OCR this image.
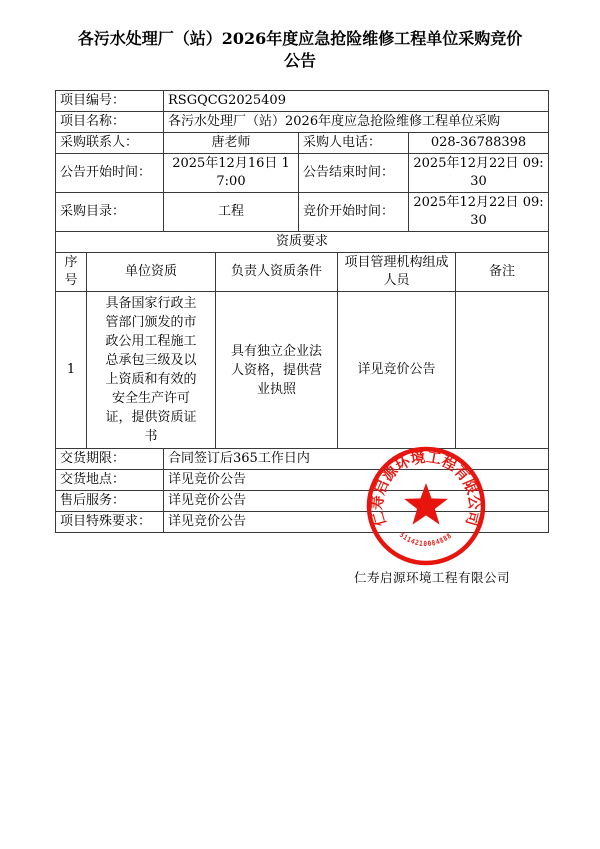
各污水处理厂（站）2026年度应急抢险维修工程单位采购竞价公告
项目编号：	RSGQCG2025409		
项目名称：	各污水处理厂（站）2026年度应急抢险维修工程单位采购		
采购联系人：	唐老师	采购人电话：	028-36788398
公告开始时间：	2025年12月16日 17:00	公告结束时间：	2025年12月22日 09:30
采购目录：	工程	竞价开始时间：	2025年12月22日 09:30
资质要求				
序号	单位资质	负责人资质条件	项目管理机构组成人员	备注
1	具备国家行政主管部门颁发的市政公用工程施工总承包三级及以上资质和有效的安全生产许可证，提供资质证书	具有独立企业法人资格，提供营业执照	详见竞价公告	
交货期限：	合同签订后365工作日内
交货地点：	详见竞价公告
售后服务：	详见竞价公告
项目特殊要求：	详见竞价公告	仁寿启源环境工程有限公司
5114210084888
仁寿启源环境工程有限公司
